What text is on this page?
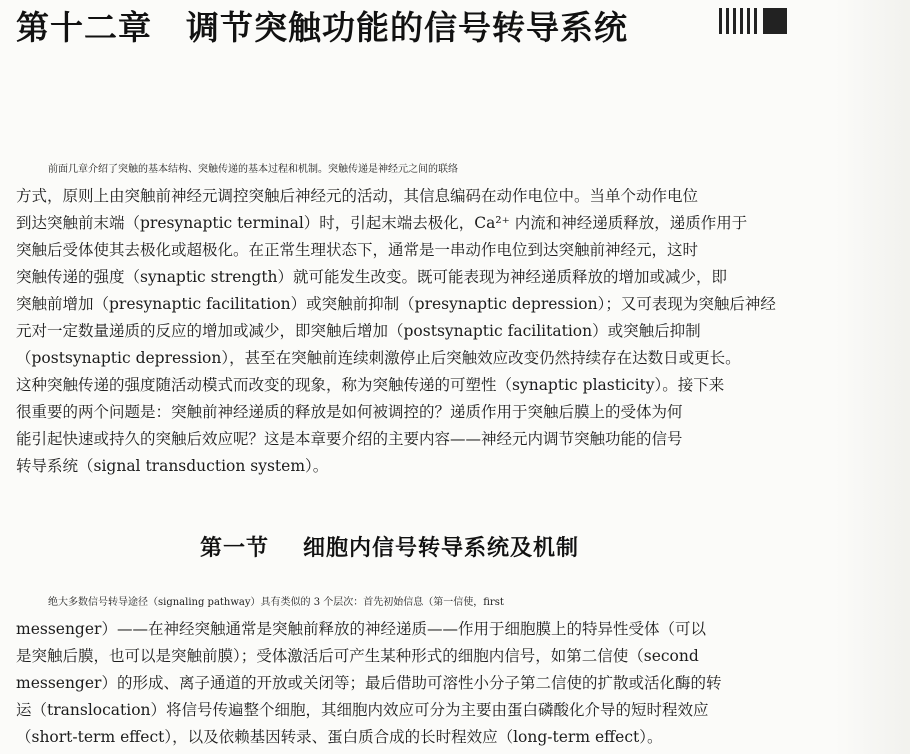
第十二章 调节突触功能的信号转导系统
前面几章介绍了突触的基本结构、突触传递的基本过程和机制。突触传递是神经元之间的联络
方式，原则上由突触前神经元调控突触后神经元的活动，其信息编码在动作电位中。当单个动作电位
到达突触前末端（presynaptic terminal）时，引起末端去极化，Ca²⁺ 内流和神经递质释放，递质作用于
突触后受体使其去极化或超极化。在正常生理状态下，通常是一串动作电位到达突触前神经元，这时
突触传递的强度（synaptic strength）就可能发生改变。既可能表现为神经递质释放的增加或减少，即
突触前增加（presynaptic facilitation）或突触前抑制（presynaptic depression）；又可表现为突触后神经
元对一定数量递质的反应的增加或减少，即突触后增加（postsynaptic facilitation）或突触后抑制
（postsynaptic depression），甚至在突触前连续刺激停止后突触效应改变仍然持续存在达数日或更长。
这种突触传递的强度随活动模式而改变的现象，称为突触传递的可塑性（synaptic plasticity）。接下来
很重要的两个问题是：突触前神经递质的释放是如何被调控的？递质作用于突触后膜上的受体为何
能引起快速或持久的突触后效应呢？这是本章要介绍的主要内容——神经元内调节突触功能的信号
转导系统（signal transduction system）。
第一节 细胞内信号转导系统及机制
绝大多数信号转导途径（signaling pathway）具有类似的 3 个层次：首先初始信息（第一信使，first
messenger）——在神经突触通常是突触前释放的神经递质——作用于细胞膜上的特异性受体（可以
是突触后膜，也可以是突触前膜）；受体激活后可产生某种形式的细胞内信号，如第二信使（second
messenger）的形成、离子通道的开放或关闭等；最后借助可溶性小分子第二信使的扩散或活化酶的转
运（translocation）将信号传遍整个细胞，其细胞内效应可分为主要由蛋白磷酸化介导的短时程效应
（short-term effect），以及依赖基因转录、蛋白质合成的长时程效应（long-term effect）。
